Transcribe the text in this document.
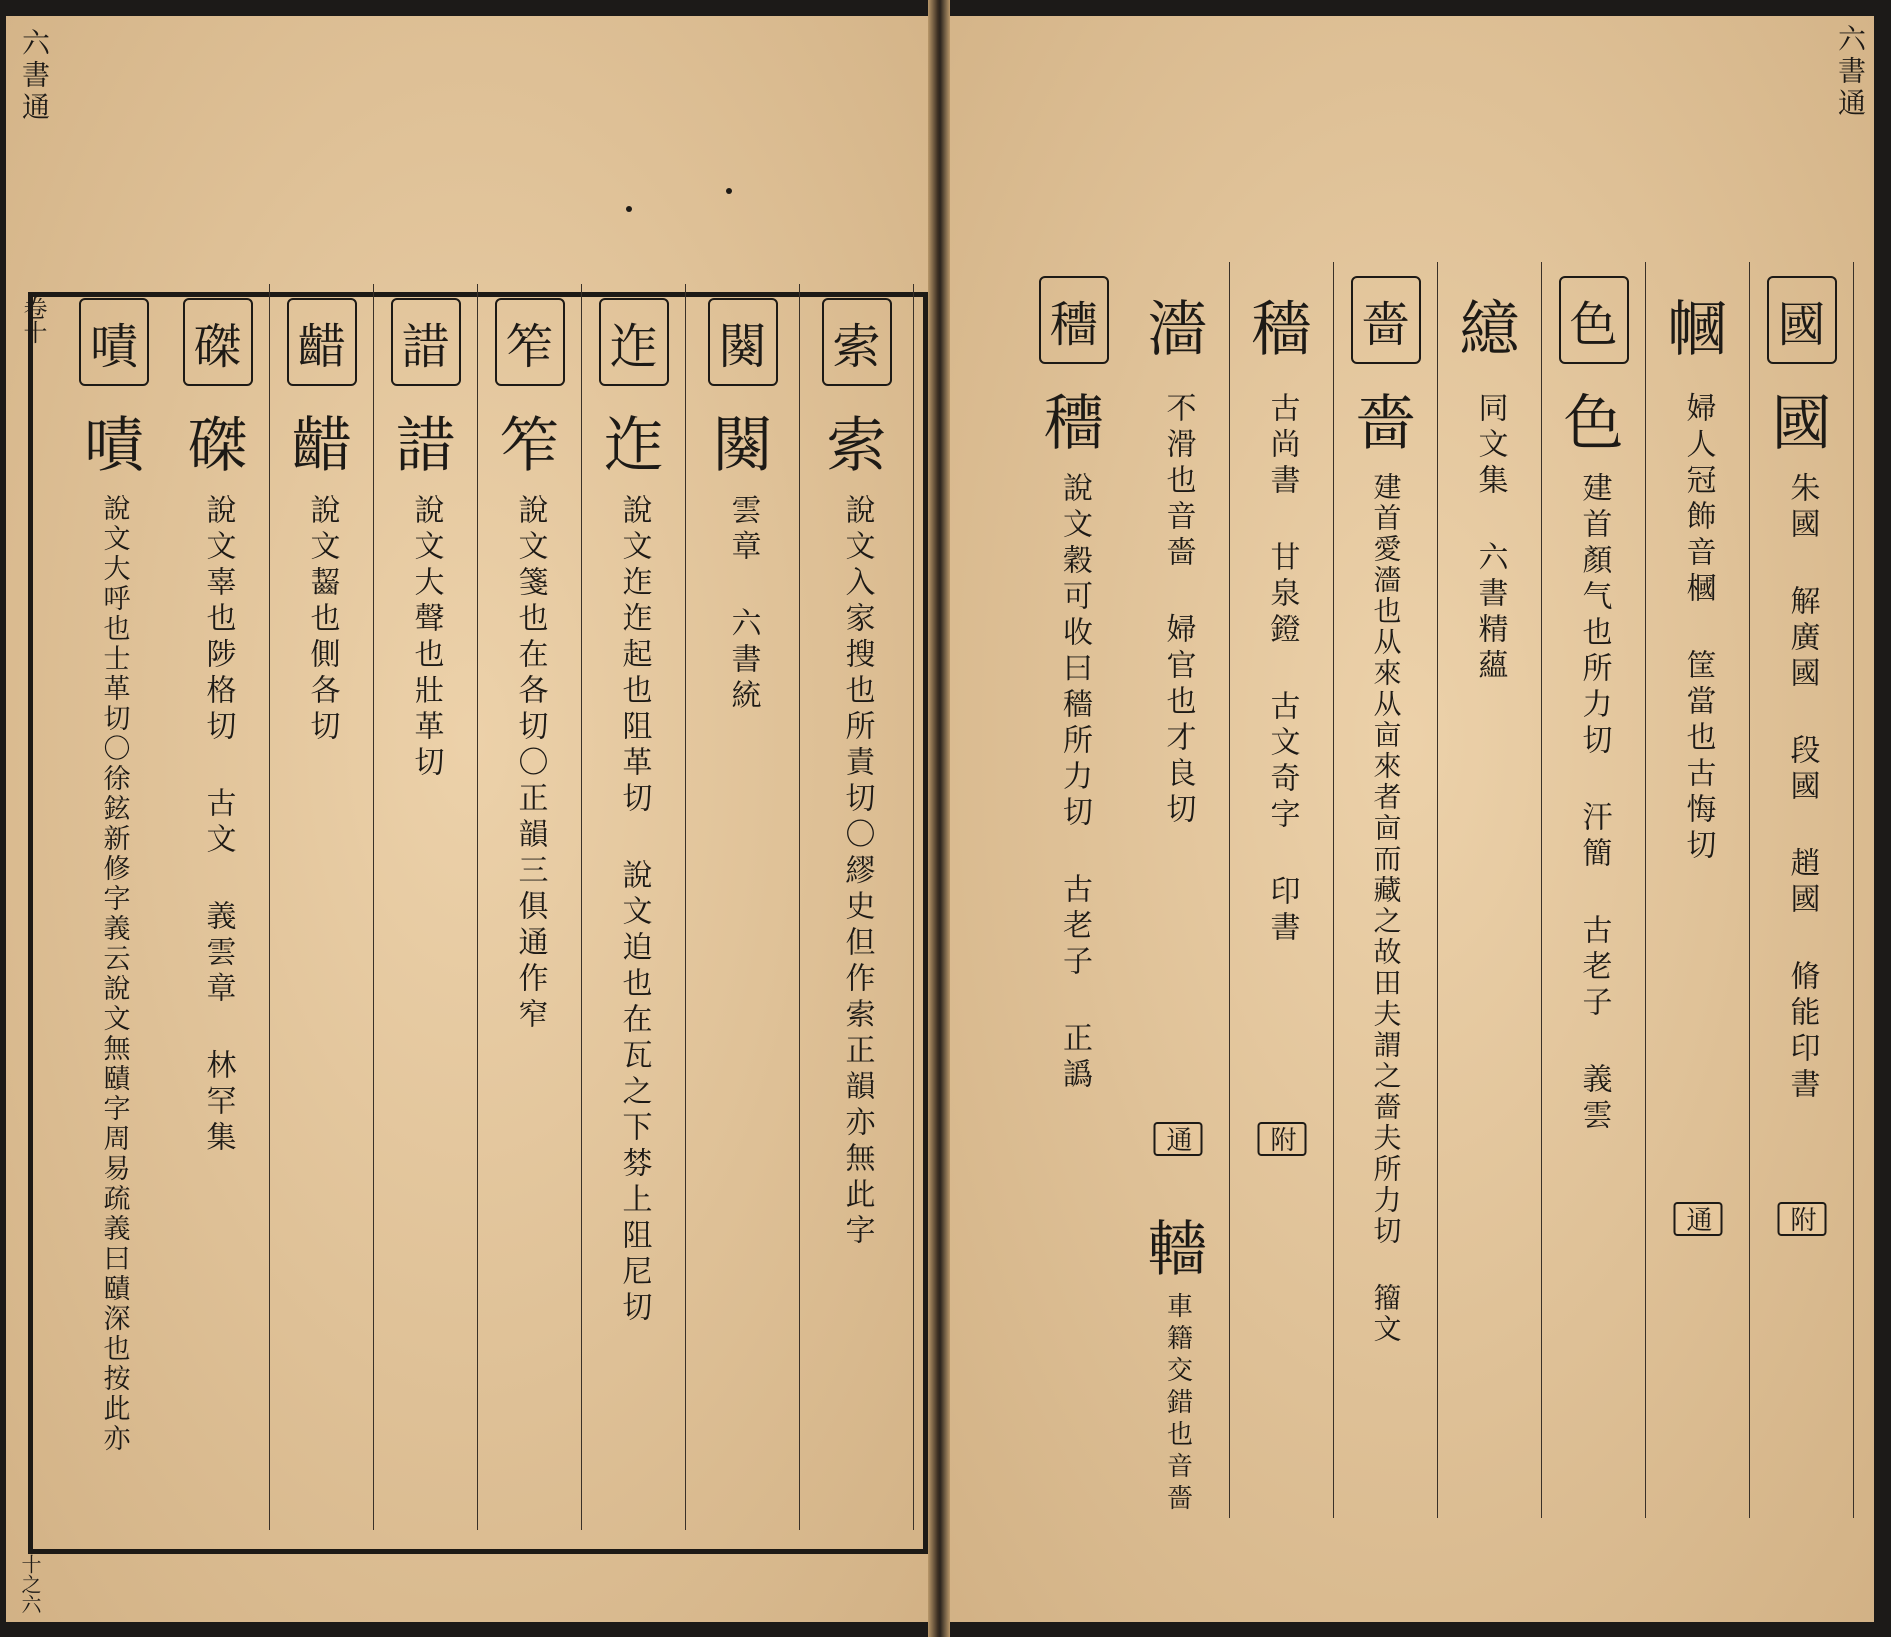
六書通
卷十
十之六
六書通
索
索
說文入家搜也所責切〇繆史但作索正韻亦無此字
闋
闋
雲章 六書統
迮
迮
說文迮迮起也阻革切 說文迫也在瓦之下棼上阻尼切
笮
笮
說文箋也在各切〇正韻三俱通作窄
諎
諎
說文大聲也壯革切
齰
齰
說文齧也側各切
磔
磔
說文辜也陟格切 古文 義雲章 林罕集
嘖
嘖
說文大呼也士革切〇徐鉉新修字義云說文無賾字周易疏義曰賾深也按此亦
國
國
朱國 解廣國 段國 趙國 脩能印書
附
幗
婦人冠飾音槶 筐當也古悔切
通
色
色
建首顏气也所力切 汗簡 古老子 義雲
繶
同文集 六書精蘊
嗇
嗇
建首愛濇也从來从㐭來者㐭而藏之故田夫謂之嗇夫所力切 籀文
穡
古尚書 甘泉鐙 古文奇字 印書
附
通
轖
車籍交錯也音嗇
濇
不滑也音嗇 婦官也才良切
穯
穯
說文穀可收曰穡所力切 古老子 正譌
